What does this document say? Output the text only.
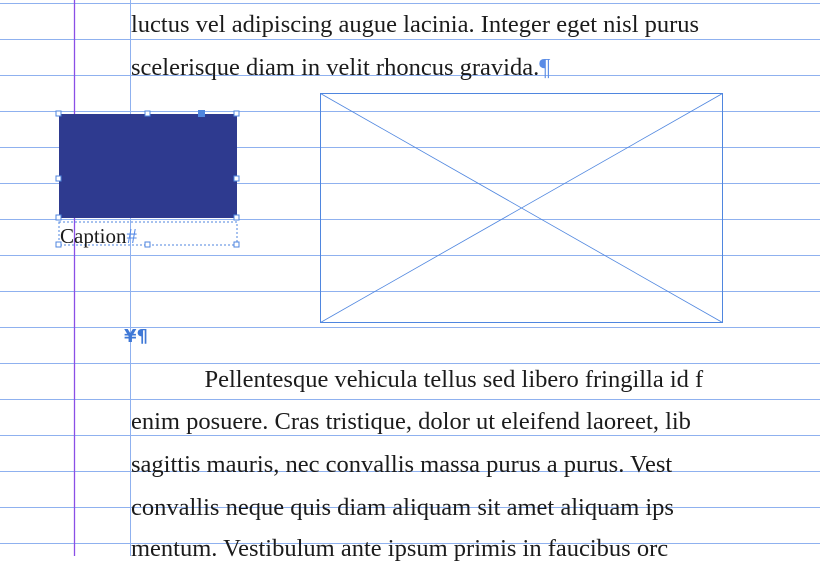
luctus vel adipiscing augue lacinia. Integer eget nisl purus

scelerisque diam in velit rhoncus gravida.¶

Caption#

¥¶

   Pellentesque vehicula tellus sed libero fringilla id f

enim posuere. Cras tristique, dolor ut eleifend laoreet, lib

sagittis mauris, nec convallis massa purus a purus. Vest

convallis neque quis diam aliquam sit amet aliquam ips

mentum. Vestibulum ante ipsum primis in faucibus orc
